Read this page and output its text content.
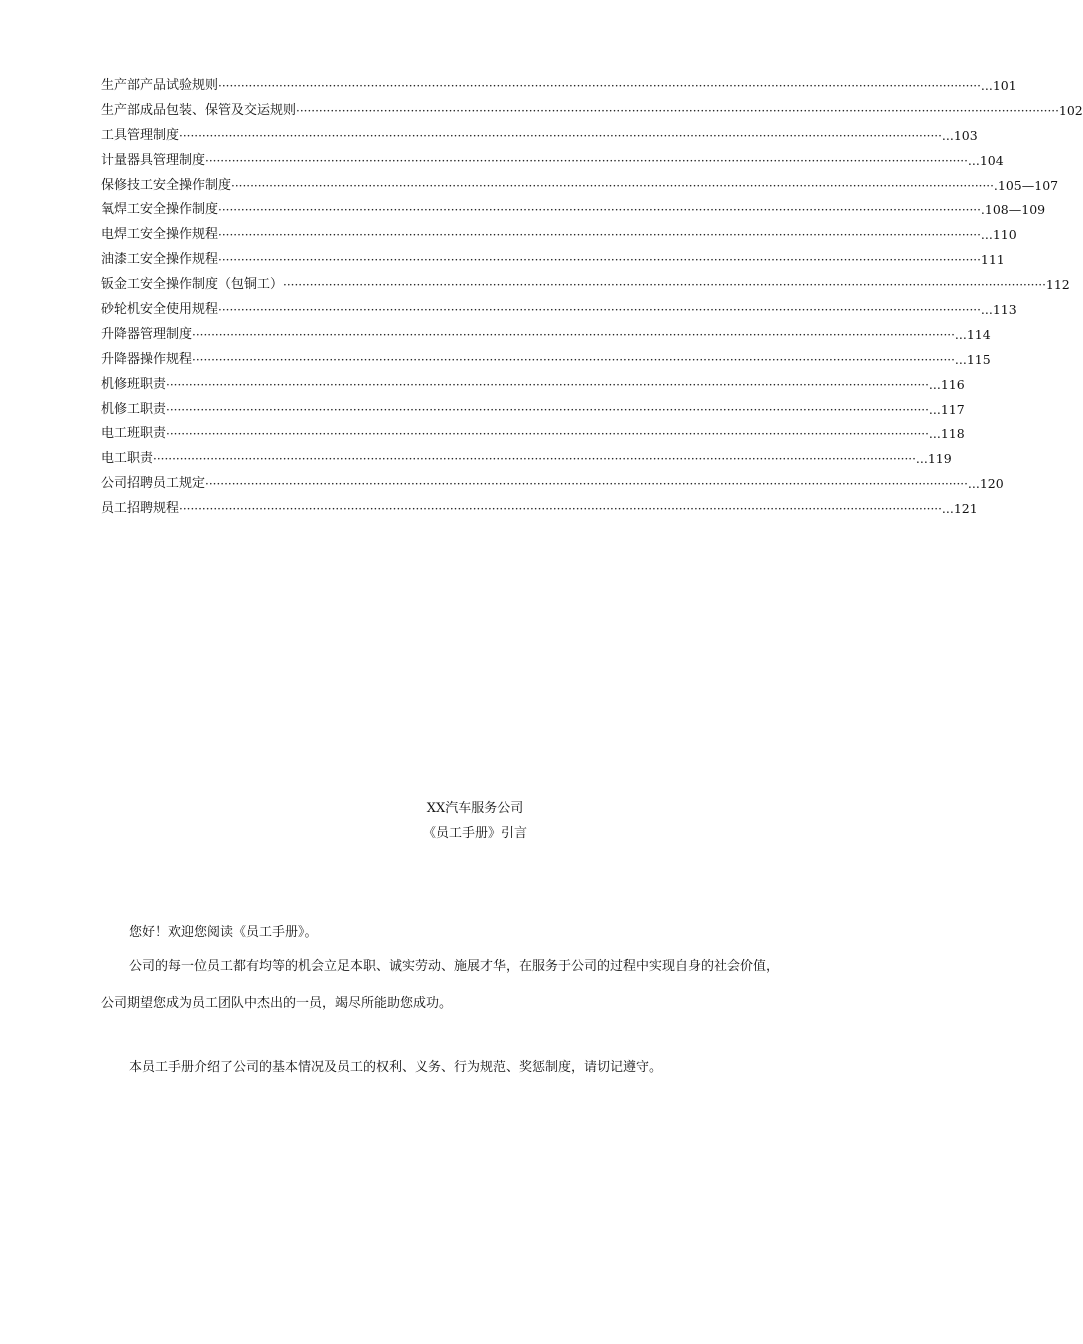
生产部产品试验规则 ········································································································································································································ ...101
生产部成品包装、保管及交运规则 ········································································································································································································ 102
工具管理制度 ········································································································································································································ ...103
计量器具管理制度 ········································································································································································································ ...104
保修技工安全操作制度 ········································································································································································································ .105—107
氧焊工安全操作制度 ········································································································································································································ .108—109
电焊工安全操作规程 ········································································································································································································ ...110
油漆工安全操作规程 ········································································································································································································ 111
钣金工安全操作制度（包铜工） ········································································································································································································ 112
砂轮机安全使用规程 ········································································································································································································ ...113
升降器管理制度 ········································································································································································································ ...114
升降器操作规程 ········································································································································································································ ...115
机修班职责 ········································································································································································································ ...116
机修工职责 ········································································································································································································ ...117
电工班职责 ········································································································································································································ ...118
电工职责 ········································································································································································································ ...119
公司招聘员工规定 ········································································································································································································ ...120
员工招聘规程 ········································································································································································································ ...121
XX汽车服务公司
《员工手册》引言
您好！欢迎您阅读《员工手册》。
公司的每一位员工都有均等的机会立足本职、诚实劳动、施展才华，在服务于公司的过程中实现自身的社会价值，
公司期望您成为员工团队中杰出的一员，竭尽所能助您成功。
本员工手册介绍了公司的基本情况及员工的权利、义务、行为规范、奖惩制度，请切记遵守。
